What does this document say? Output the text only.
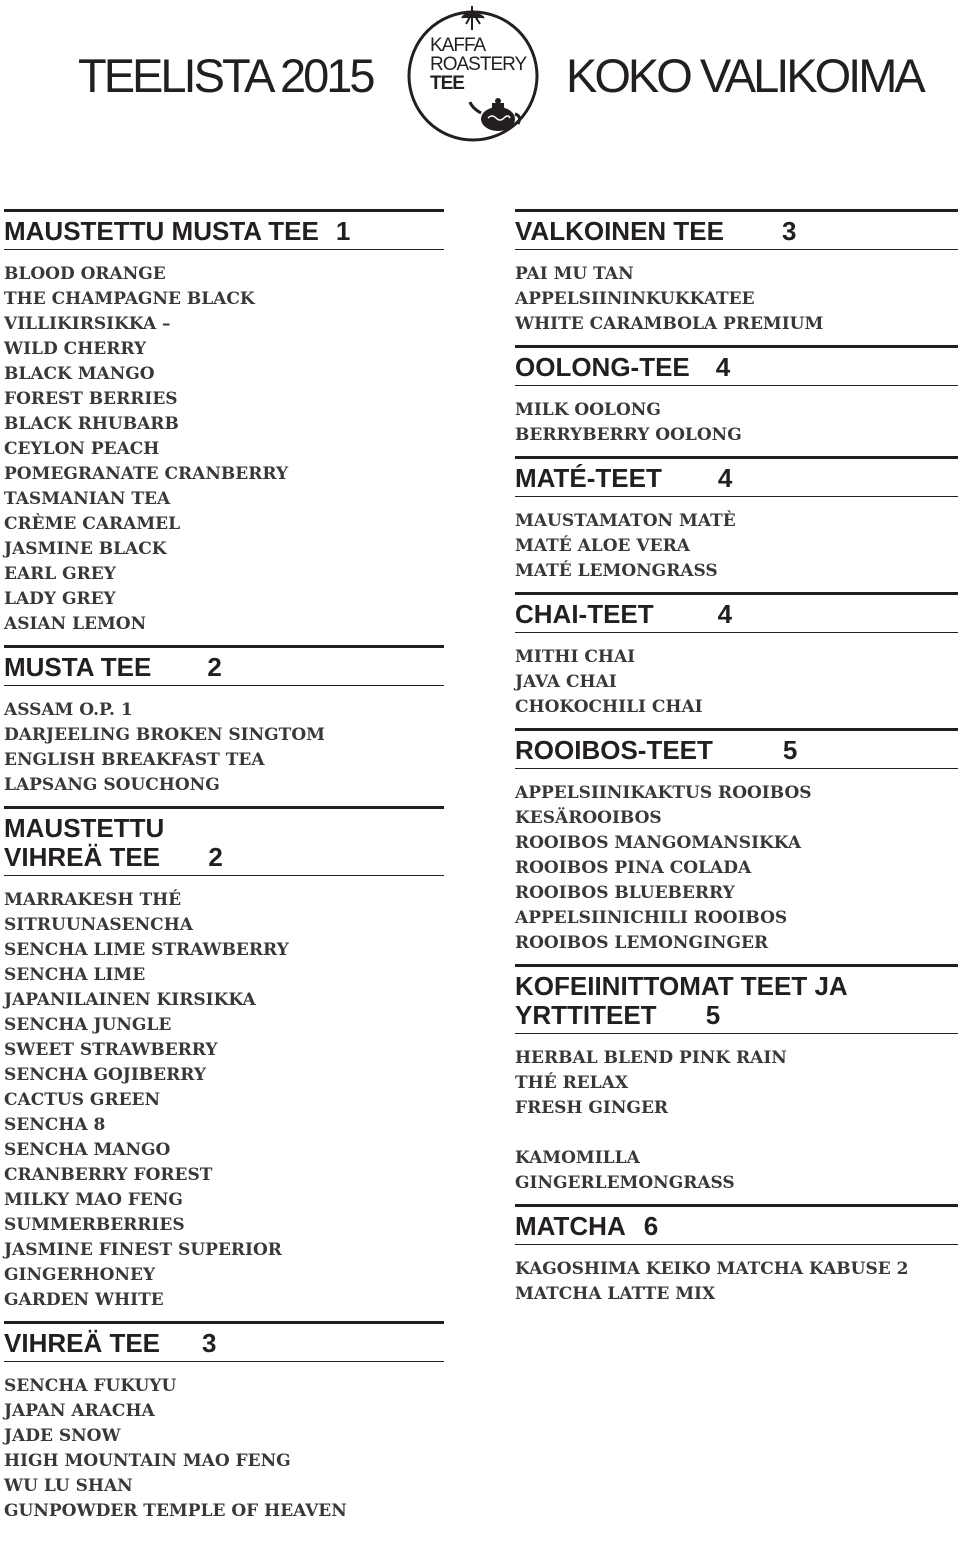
TEELISTA 2015
KAFFA
ROASTERY
TEE KOKO VALIKOIMA
MAUSTETTU MUSTA TEE 1
BLOOD ORANGE
THE CHAMPAGNE BLACK
VILLIKIRSIKKA –
WILD CHERRY
BLACK MANGO
FOREST BERRIES
BLACK RHUBARB
CEYLON PEACH
POMEGRANATE CRANBERRY
TASMANIAN TEA
CRÈME CARAMEL
JASMINE BLACK
EARL GREY
LADY GREY
ASIAN LEMON
MUSTA TEE 2
ASSAM O.P. 1
DARJEELING BROKEN SINGTOM
ENGLISH BREAKFAST TEA
LAPSANG SOUCHONG
MAUSTETTU
VIHREÄ TEE 2
MARRAKESH THÉ
SITRUUNASENCHA
SENCHA LIME STRAWBERRY
SENCHA LIME
JAPANILAINEN KIRSIKKA
SENCHA JUNGLE
SWEET STRAWBERRY
SENCHA GOJIBERRY
CACTUS GREEN
SENCHA 8
SENCHA MANGO
CRANBERRY FOREST
MILKY MAO FENG
SUMMERBERRIES
JASMINE FINEST SUPERIOR
GINGERHONEY
GARDEN WHITE
VIHREÄ TEE 3
SENCHA FUKUYU
JAPAN ARACHA
JADE SNOW
HIGH MOUNTAIN MAO FENG
WU LU SHAN
GUNPOWDER TEMPLE OF HEAVEN
VALKOINEN TEE 3
PAI MU TAN
APPELSIININKUKKATEE
WHITE CARAMBOLA PREMIUM
OOLONG-TEE 4
MILK OOLONG
BERRYBERRY OOLONG
MATÉ-TEET 4
MAUSTAMATON MATÈ
MATÉ ALOE VERA
MATÉ LEMONGRASS
CHAI-TEET 4
MITHI CHAI
JAVA CHAI
CHOKOCHILI CHAI
ROOIBOS-TEET	5
APPELSIINIKAKTUS ROOIBOS
KESÄROOIBOS
ROOIBOS MANGOMANSIKKA
ROOIBOS PINA COLADA
ROOIBOS BLUEBERRY
APPELSIINICHILI ROOIBOS
ROOIBOS LEMONGINGER
KOFEIINITTOMAT TEET JA
YRTTITEET	5
HERBAL BLEND PINK RAIN
THÉ RELAX
FRESH GINGER
KAMOMILLA
GINGERLEMONGRASS
MATCHA 6
KAGOSHIMA KEIKO MATCHA KABUSE 2
MATCHA LATTE MIX
